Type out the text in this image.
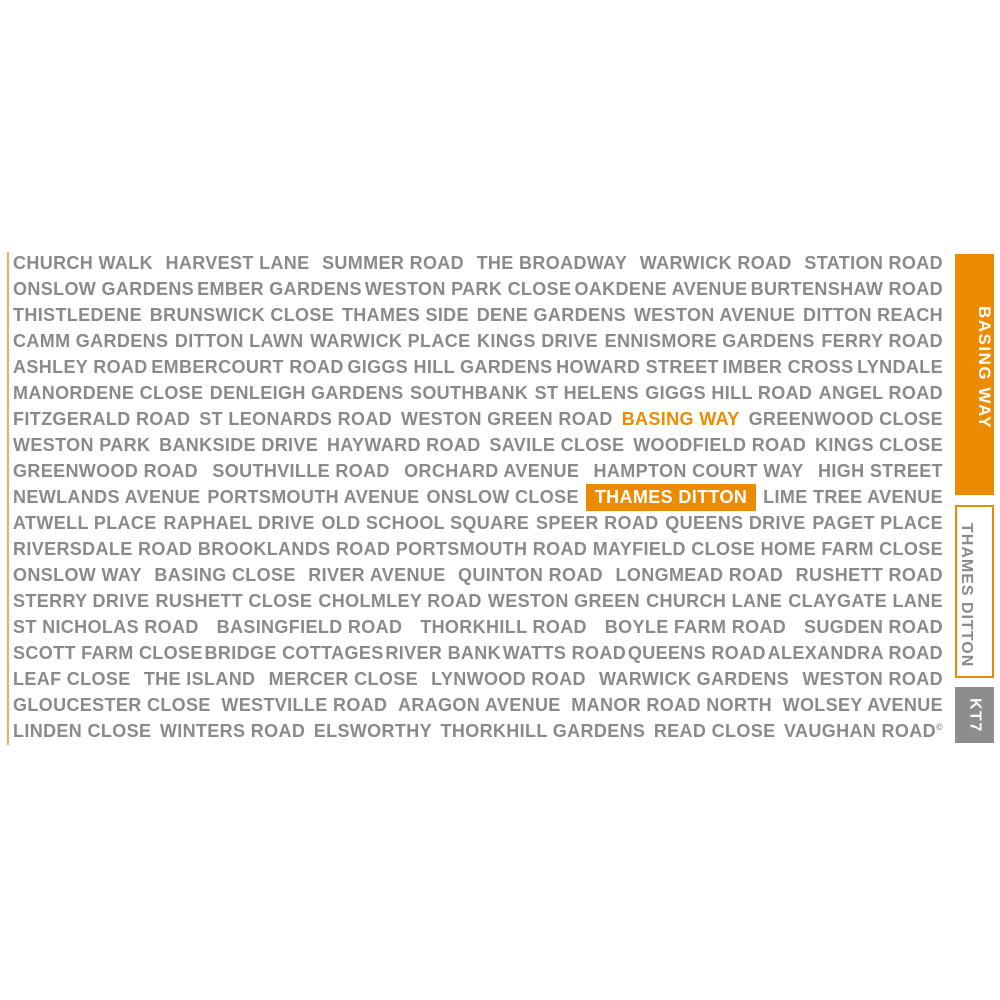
CHURCH WALK HARVEST LANE SUMMER ROAD THE BROADWAY WARWICK ROAD STATION ROAD
ONSLOW GARDENS EMBER GARDENS WESTON PARK CLOSE OAKDENE AVENUE BURTENSHAW ROAD
THISTLEDENE BRUNSWICK CLOSE THAMES SIDE DENE GARDENS WESTON AVENUE DITTON REACH
CAMM GARDENS DITTON LAWN WARWICK PLACE KINGS DRIVE ENNISMORE GARDENS FERRY ROAD
ASHLEY ROAD EMBERCOURT ROAD GIGGS HILL GARDENS HOWARD STREET IMBER CROSS LYNDALE
MANORDENE CLOSE DENLEIGH GARDENS SOUTHBANK ST HELENS GIGGS HILL ROAD ANGEL ROAD
FITZGERALD ROAD ST LEONARDS ROAD WESTON GREEN ROAD BASING WAY GREENWOOD CLOSE
WESTON PARK BANKSIDE DRIVE HAYWARD ROAD SAVILE CLOSE WOODFIELD ROAD KINGS CLOSE
GREENWOOD ROAD SOUTHVILLE ROAD ORCHARD AVENUE HAMPTON COURT WAY HIGH STREET
NEWLANDS AVENUE PORTSMOUTH AVENUE ONSLOW CLOSE THAMES DITTON LIME TREE AVENUE
ATWELL PLACE RAPHAEL DRIVE OLD SCHOOL SQUARE SPEER ROAD QUEENS DRIVE PAGET PLACE
RIVERSDALE ROAD BROOKLANDS ROAD PORTSMOUTH ROAD MAYFIELD CLOSE HOME FARM CLOSE
ONSLOW WAY BASING CLOSE RIVER AVENUE QUINTON ROAD LONGMEAD ROAD RUSHETT ROAD
STERRY DRIVE RUSHETT CLOSE CHOLMLEY ROAD WESTON GREEN CHURCH LANE CLAYGATE LANE
ST NICHOLAS ROAD BASINGFIELD ROAD THORKHILL ROAD BOYLE FARM ROAD SUGDEN ROAD
SCOTT FARM CLOSE BRIDGE COTTAGES RIVER BANK WATTS ROAD QUEENS ROAD ALEXANDRA ROAD
LEAF CLOSE THE ISLAND MERCER CLOSE LYNWOOD ROAD WARWICK GARDENS WESTON ROAD
GLOUCESTER CLOSE WESTVILLE ROAD ARAGON AVENUE MANOR ROAD NORTH WOLSEY AVENUE
LINDEN CLOSE WINTERS ROAD ELSWORTHY THORKHILL GARDENS READ CLOSE VAUGHAN ROAD©
BASING WAY
THAMES DITTON
KT7
